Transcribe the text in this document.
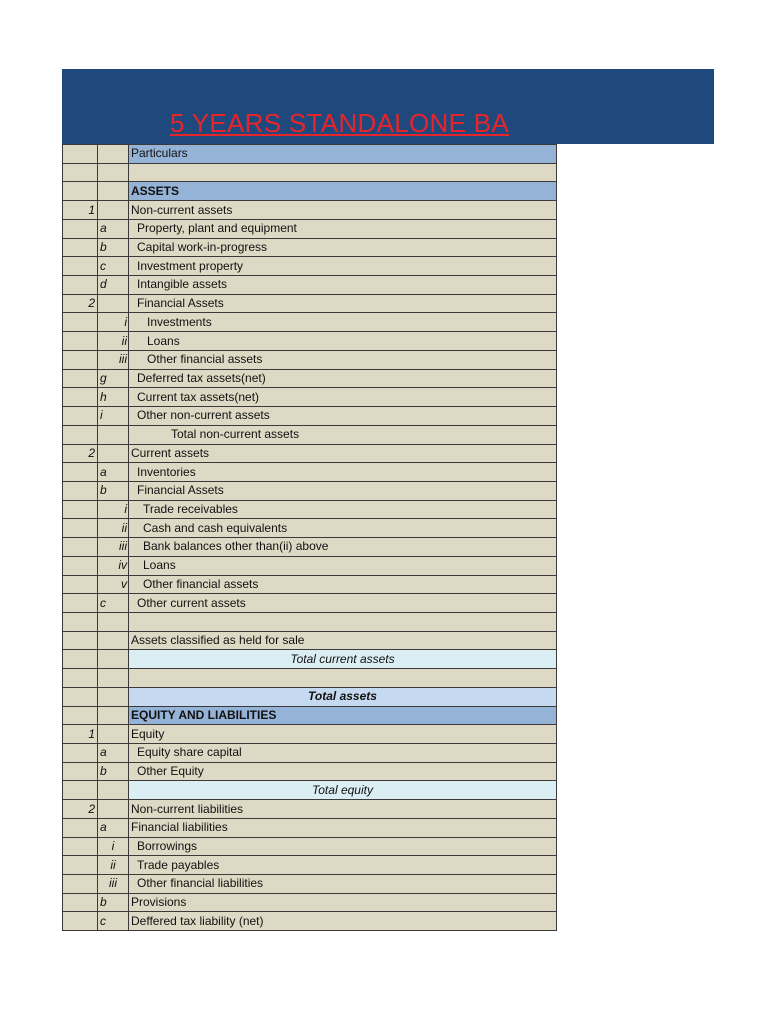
5 YEARS STANDALONE BA
		Particulars

		ASSETS
1		Non-current assets
	a	Property, plant and equipment
	b	Capital work-in-progress
	c	Investment property
	d	Intangible assets
2		Financial Assets
	i	Investments
	ii	Loans
	iii	Other financial assets
	g	Deferred tax assets(net)
	h	Current tax assets(net)
	i	Other non-current assets
		Total non-current assets
2		Current assets
	a	Inventories
	b	Financial Assets
	i	Trade receivables
	ii	Cash and cash equivalents
	iii	Bank balances other than(ii) above
	iv	Loans
	v	Other financial assets
	c	Other current assets

		Assets classified as held for sale
		Total current assets

		Total assets
		EQUITY AND LIABILITIES
1		Equity
	a	Equity share capital
	b	Other Equity
		Total equity
2		Non-current liabilities
	a	Financial liabilities
	i	Borrowings
	ii	Trade payables
	iii	Other financial liabilities
	b	Provisions
	c	Deffered tax liability (net)
